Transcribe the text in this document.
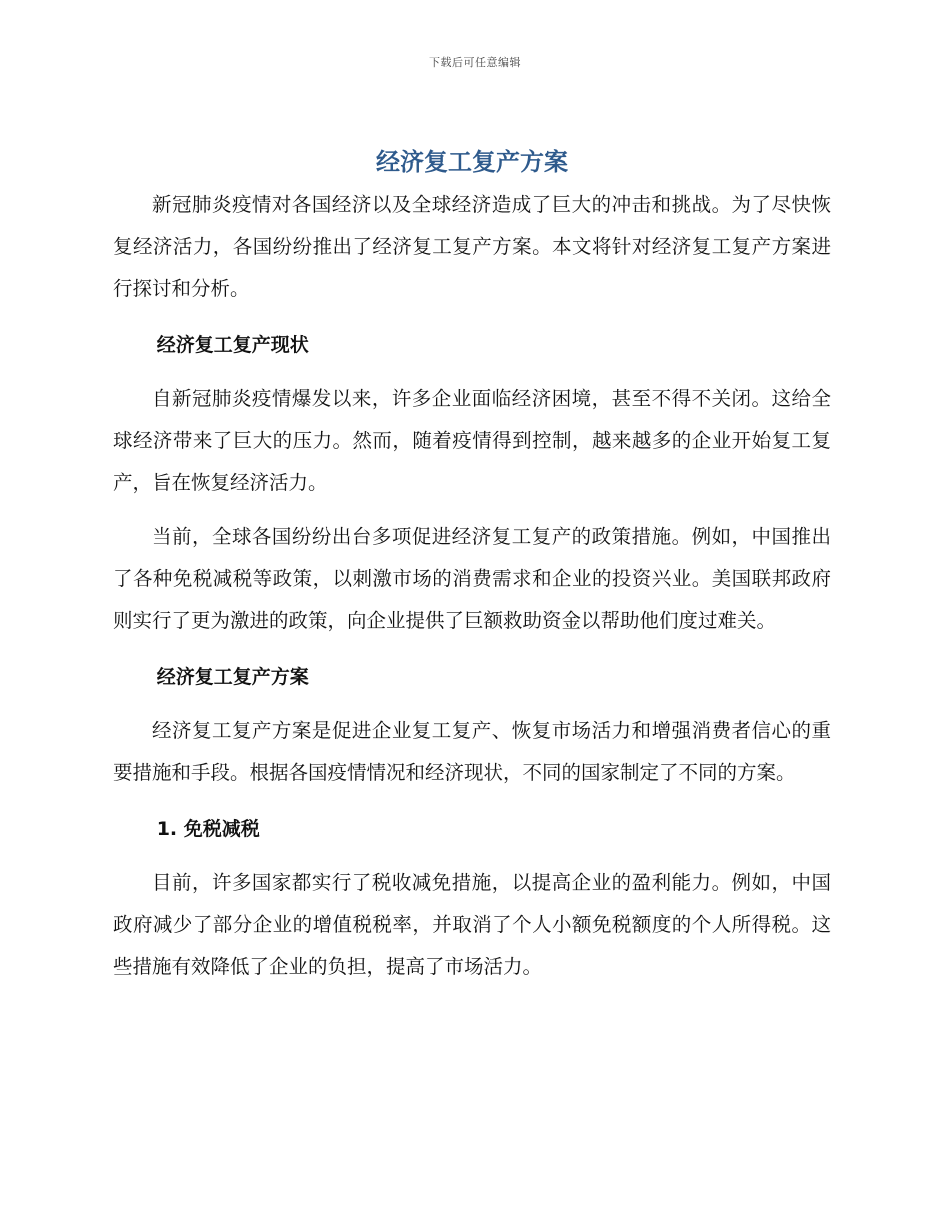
下载后可任意编辑
经济复工复产方案

新冠肺炎疫情对各国经济以及全球经济造成了巨大的冲击和挑战。为了尽快恢复经济活力，各国纷纷推出了经济复工复产方案。本文将针对经济复工复产方案进行探讨和分析。

经济复工复产现状

自新冠肺炎疫情爆发以来，许多企业面临经济困境，甚至不得不关闭。这给全球经济带来了巨大的压力。然而，随着疫情得到控制，越来越多的企业开始复工复产，旨在恢复经济活力。

当前，全球各国纷纷出台多项促进经济复工复产的政策措施。例如，中国推出了各种免税减税等政策，以刺激市场的消费需求和企业的投资兴业。美国联邦政府则实行了更为激进的政策，向企业提供了巨额救助资金以帮助他们度过难关。

经济复工复产方案

经济复工复产方案是促进企业复工复产、恢复市场活力和增强消费者信心的重要措施和手段。根据各国疫情情况和经济现状，不同的国家制定了不同的方案。

1. 免税减税

目前，许多国家都实行了税收减免措施，以提高企业的盈利能力。例如，中国政府减少了部分企业的增值税税率，并取消了个人小额免税额度的个人所得税。这些措施有效降低了企业的负担，提高了市场活力。
